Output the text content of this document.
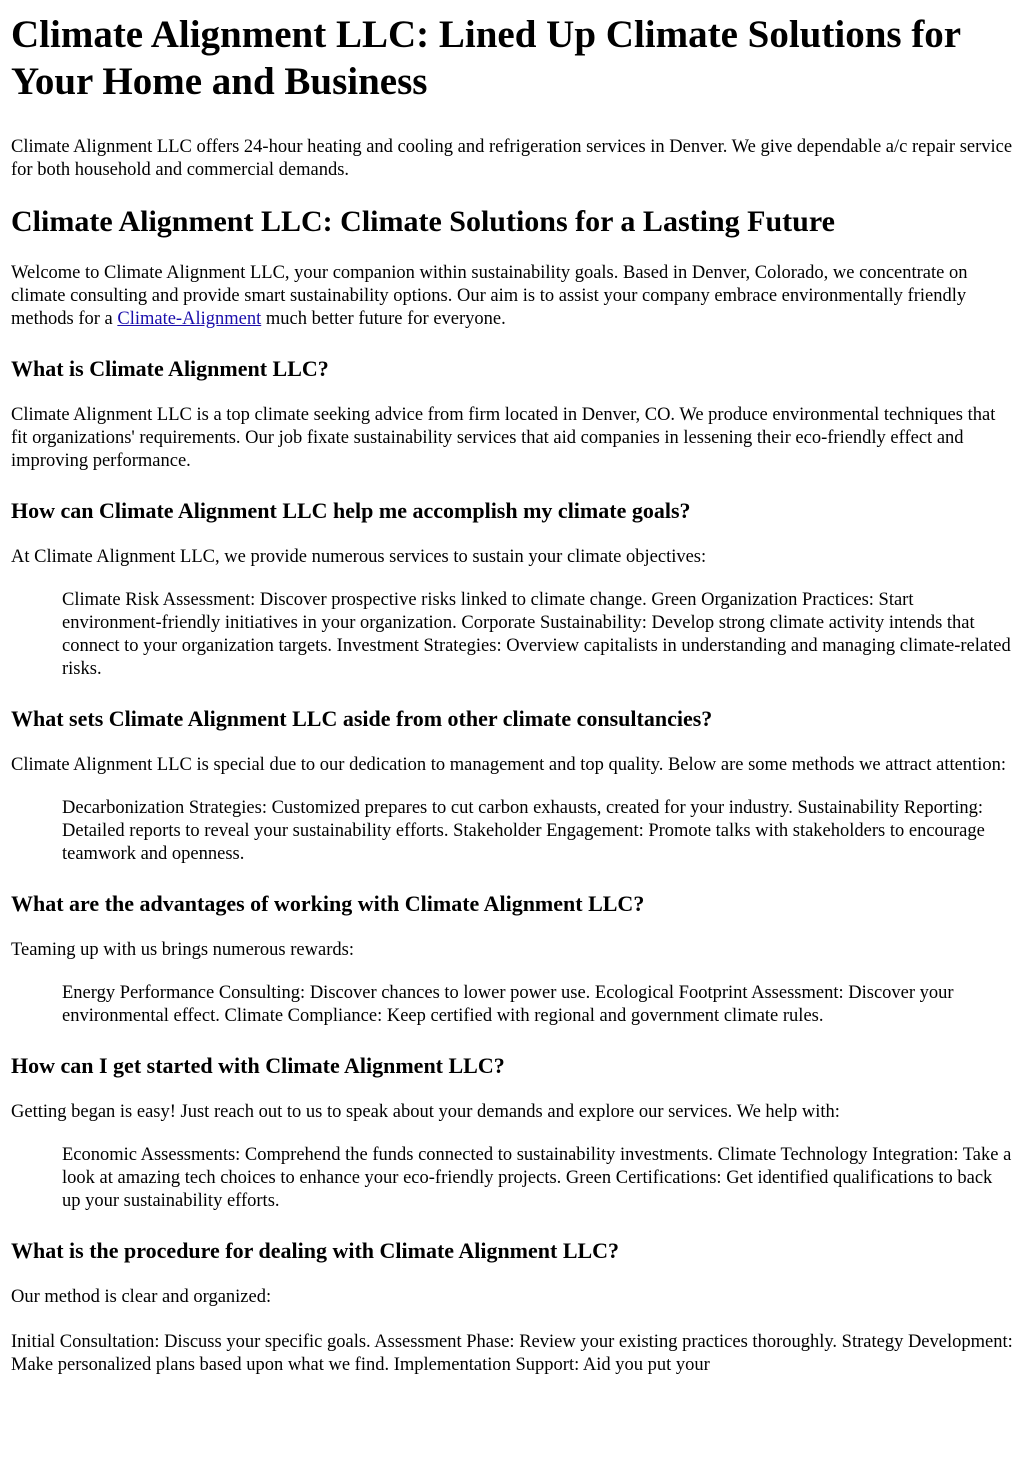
Climate Alignment LLC: Lined Up Climate Solutions for Your Home and Business

Climate Alignment LLC offers 24-hour heating and cooling and refrigeration services in Denver. We give dependable a/c repair service for both household and commercial demands.

Climate Alignment LLC: Climate Solutions for a Lasting Future

Welcome to Climate Alignment LLC, your companion within sustainability goals. Based in Denver, Colorado, we concentrate on climate consulting and provide smart sustainability options. Our aim is to assist your company embrace environmentally friendly methods for a Climate-Alignment much better future for everyone.

What is Climate Alignment LLC?

Climate Alignment LLC is a top climate seeking advice from firm located in Denver, CO. We produce environmental techniques that fit organizations' requirements. Our job fixate sustainability services that aid companies in lessening their eco-friendly effect and improving performance.

How can Climate Alignment LLC help me accomplish my climate goals?

At Climate Alignment LLC, we provide numerous services to sustain your climate objectives:

Climate Risk Assessment: Discover prospective risks linked to climate change. Green Organization Practices: Start environment-friendly initiatives in your organization. Corporate Sustainability: Develop strong climate activity intends that connect to your organization targets. Investment Strategies: Overview capitalists in understanding and managing climate-related risks.
What sets Climate Alignment LLC aside from other climate consultancies?

Climate Alignment LLC is special due to our dedication to management and top quality. Below are some methods we attract attention:

Decarbonization Strategies: Customized prepares to cut carbon exhausts, created for your industry. Sustainability Reporting: Detailed reports to reveal your sustainability efforts. Stakeholder Engagement: Promote talks with stakeholders to encourage teamwork and openness.
What are the advantages of working with Climate Alignment LLC?

Teaming up with us brings numerous rewards:

Energy Performance Consulting: Discover chances to lower power use. Ecological Footprint Assessment: Discover your environmental effect. Climate Compliance: Keep certified with regional and government climate rules.
How can I get started with Climate Alignment LLC?

Getting began is easy! Just reach out to us to speak about your demands and explore our services. We help with:

Economic Assessments: Comprehend the funds connected to sustainability investments. Climate Technology Integration: Take a look at amazing tech choices to enhance your eco-friendly projects. Green Certifications: Get identified qualifications to back up your sustainability efforts.
What is the procedure for dealing with Climate Alignment LLC?

Our method is clear and organized:

Initial Consultation: Discuss your specific goals. Assessment Phase: Review your existing practices thoroughly. Strategy Development: Make personalized plans based upon what we find. Implementation Support: Aid you put your
